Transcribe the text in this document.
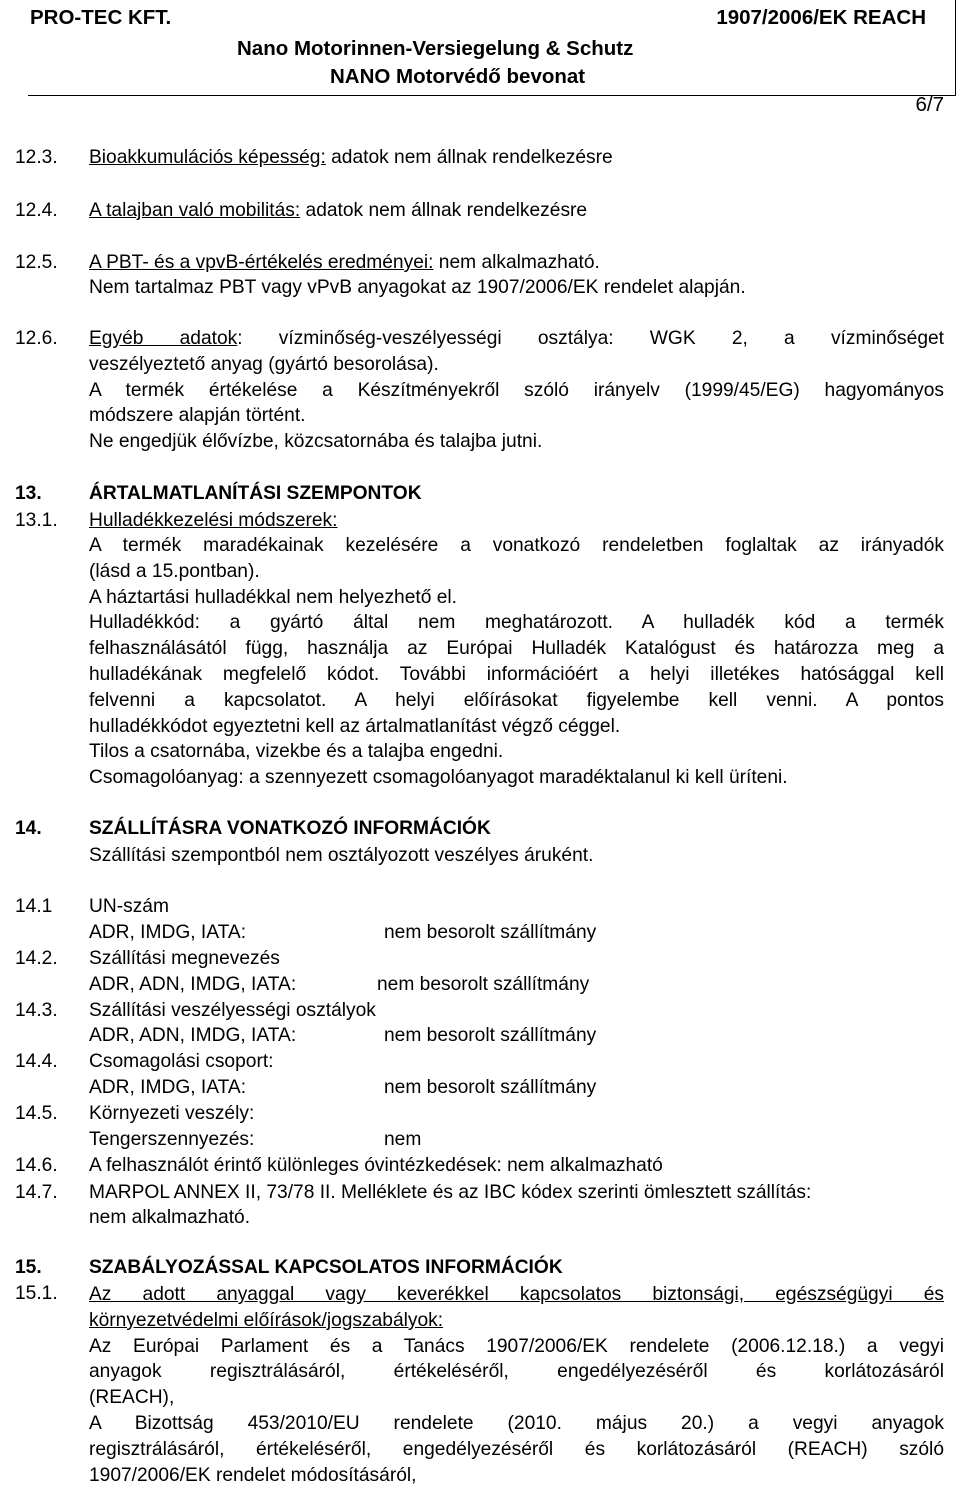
PRO-TEC KFT.	1907/2006/EK REACH
Nano Motorinnen-Versiegelung & Schutz
NANO Motorvédő bevonat
6/7
12.3. Bioakkumulációs képesség: adatok nem állnak rendelkezésre
12.4. A talajban való mobilitás: adatok nem állnak rendelkezésre
12.5. A PBT- és a vpvB-értékelés eredményei: nem alkalmazható.
Nem tartalmaz PBT vagy vPvB anyagokat az 1907/2006/EK rendelet alapján.
12.6. Egyéb adatok: vízminőség-veszélyességi osztálya: WGK 2, a vízminőséget

veszélyeztető anyag (gyártó besorolása).

A termék értékelése a Készítményekről szóló irányelv (1999/45/EG) hagyományos

módszere alapján történt.

Ne engedjük élővízbe, közcsatornába és talajba jutni.

13. ÁRTALMATLANÍTÁSI SZEMPONTOK
13.1. Hulladékkezelési módszerek:

A termék maradékainak kezelésére a vonatkozó rendeletben foglaltak az irányadók

(lásd a 15.pontban).

A háztartási hulladékkal nem helyezhető el.

Hulladékkód: a gyártó által nem meghatározott. A hulladék kód a termék

felhasználásától függ, használja az Európai Hulladék Katalógust és határozza meg a

hulladékának megfelelő kódot. További információért a helyi illetékes hatósággal kell

felvenni a kapcsolatot. A helyi előírásokat figyelembe kell venni. A pontos

hulladékkódot egyeztetni kell az ártalmatlanítást végző céggel.

Tilos a csatornába, vizekbe és a talajba engedni.

Csomagolóanyag: a szennyezett csomagolóanyagot maradéktalanul ki kell üríteni.

14. SZÁLLÍTÁSRA VONATKOZÓ INFORMÁCIÓK
Szállítási szempontból nem osztályozott veszélyes áruként.
14.1 UN-szám
ADR, IMDG, IATA:	nem besorolt szállítmány
14.2. Szállítási megnevezés
ADR, ADN, IMDG, IATA:	nem besorolt szállítmány
14.3. Szállítási veszélyességi osztályok
ADR, ADN, IMDG, IATA:	nem besorolt szállítmány
14.4. Csomagolási csoport:
ADR, IMDG, IATA:	nem besorolt szállítmány
14.5. Környezeti veszély:
Tengerszennyezés:	nem
14.6. A felhasználót érintő különleges óvintézkedések: nem alkalmazható
14.7. MARPOL ANNEX II, 73/78 II. Melléklete és az IBC kódex szerinti ömlesztett szállítás:
nem alkalmazható.
15. SZABÁLYOZÁSSAL KAPCSOLATOS INFORMÁCIÓK
15.1. Az adott anyaggal vagy keverékkel kapcsolatos biztonsági, egészségügyi és

környezetvédelmi előírások/jogszabályok:

Az Európai Parlament és a Tanács 1907/2006/EK rendelete (2006.12.18.) a vegyi

anyagok regisztrálásáról, értékeléséről, engedélyezéséről és korlátozásáról

(REACH),

A Bizottság 453/2010/EU rendelete (2010. május 20.) a vegyi anyagok

regisztrálásáról, értékeléséről, engedélyezéséről és korlátozásáról (REACH) szóló

1907/2006/EK rendelet módosításáról,
